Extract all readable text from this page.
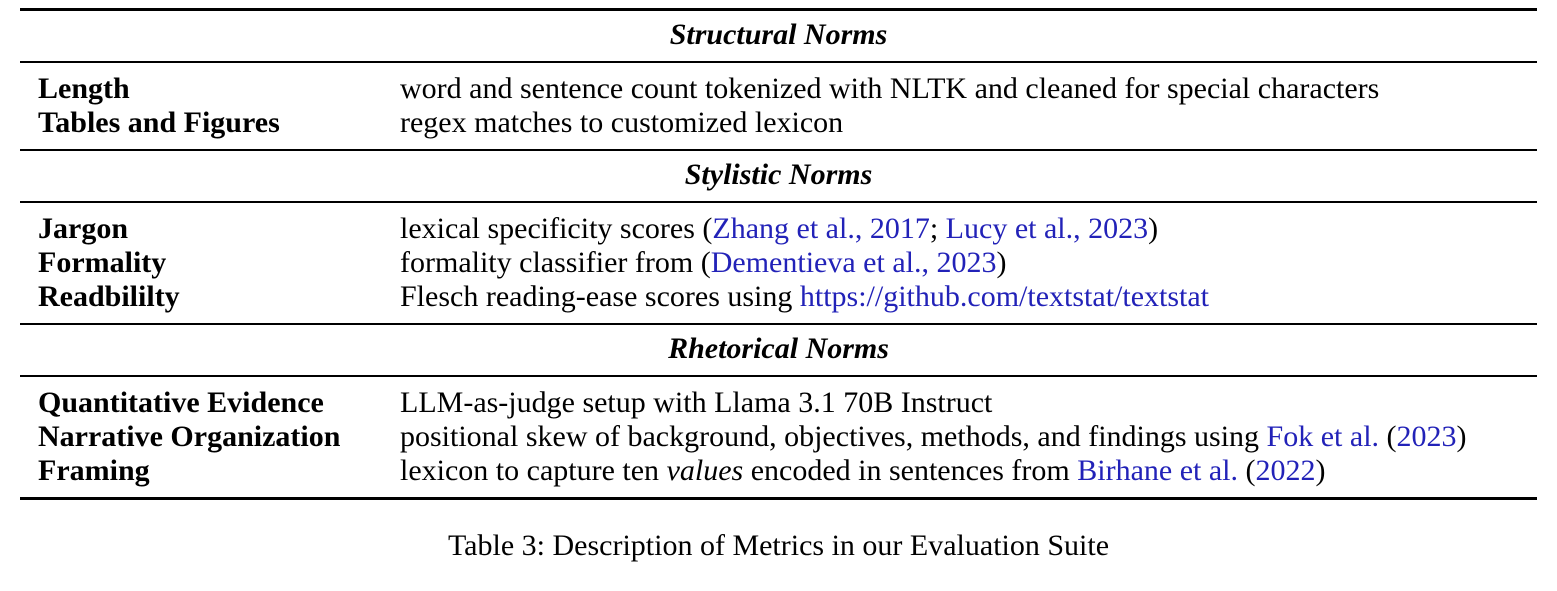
Structural Norms
Length	word and sentence count tokenized with NLTK and cleaned for special characters
Tables and Figures	regex matches to customized lexicon
Stylistic Norms
Jargon	lexical specificity scores (Zhang et al., 2017; Lucy et al., 2023)
Formality	formality classifier from (Dementieva et al., 2023)
Readbililty	Flesch reading-ease scores using https://github.com/textstat/textstat
Rhetorical Norms
Quantitative Evidence	LLM-as-judge setup with Llama 3.1 70B Instruct
Narrative Organization	positional skew of background, objectives, methods, and findings using Fok et al. (2023)
Framing	lexicon to capture ten values encoded in sentences from Birhane et al. (2022)
Table 3: Description of Metrics in our Evaluation Suite
